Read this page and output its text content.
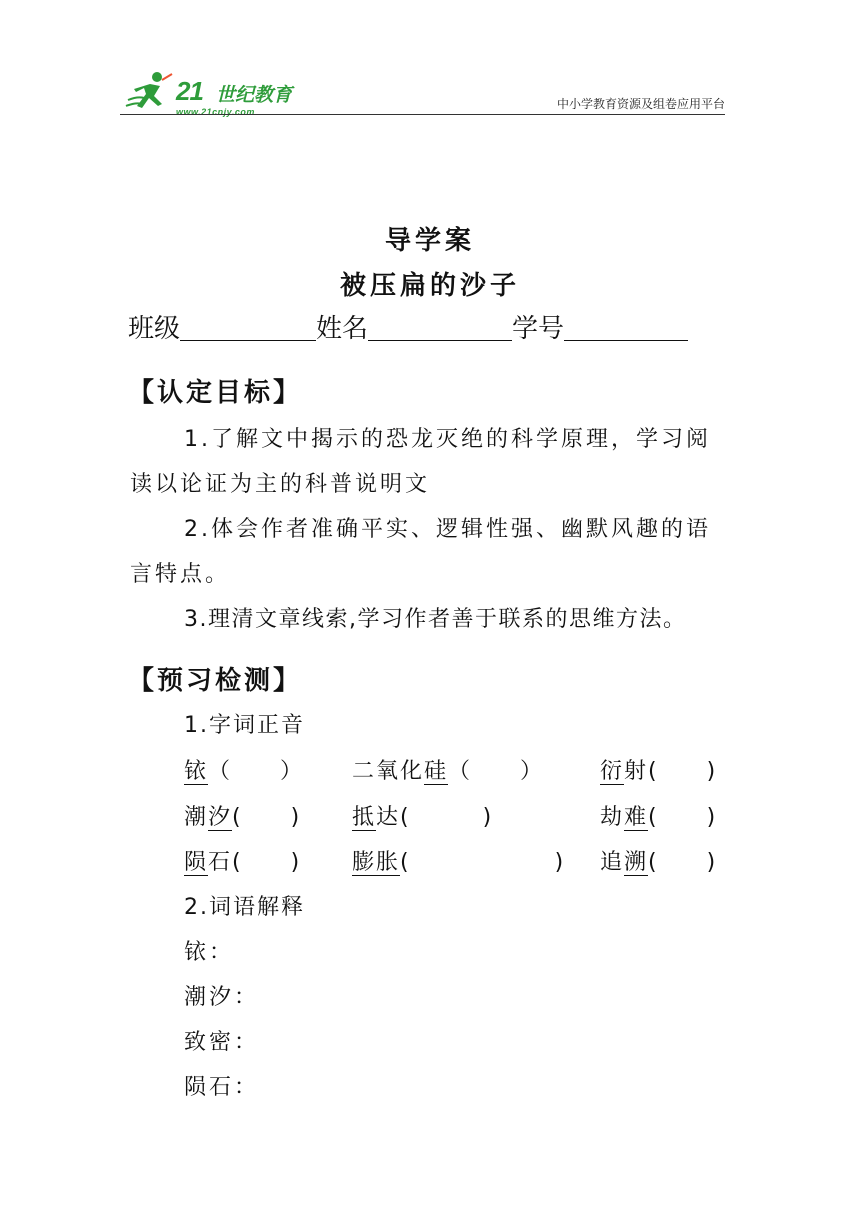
21 世纪教育
www.21cnjy.com
中小学教育资源及组卷应用平台
导学案
被压扁的沙子
班级	姓名	学号
【认定目标】
1.了解文中揭示的恐龙灭绝的科学原理，学习阅
读以论证为主的科普说明文
2.体会作者准确平实、逻辑性强、幽默风趣的语
言特点。
3.理清文章线索,学习作者善于联系的思维方法。
【预习检测】
1.字词正音
铱（　　） 二氧化硅（　　）	衍射(　　)
潮汐(　　) 抵达(　　　)	劫难(　　)
陨石(　　) 膨胀(　　　　　　) 追溯(　　)
2.词语解释
铱：
潮汐：
致密：
陨石：
